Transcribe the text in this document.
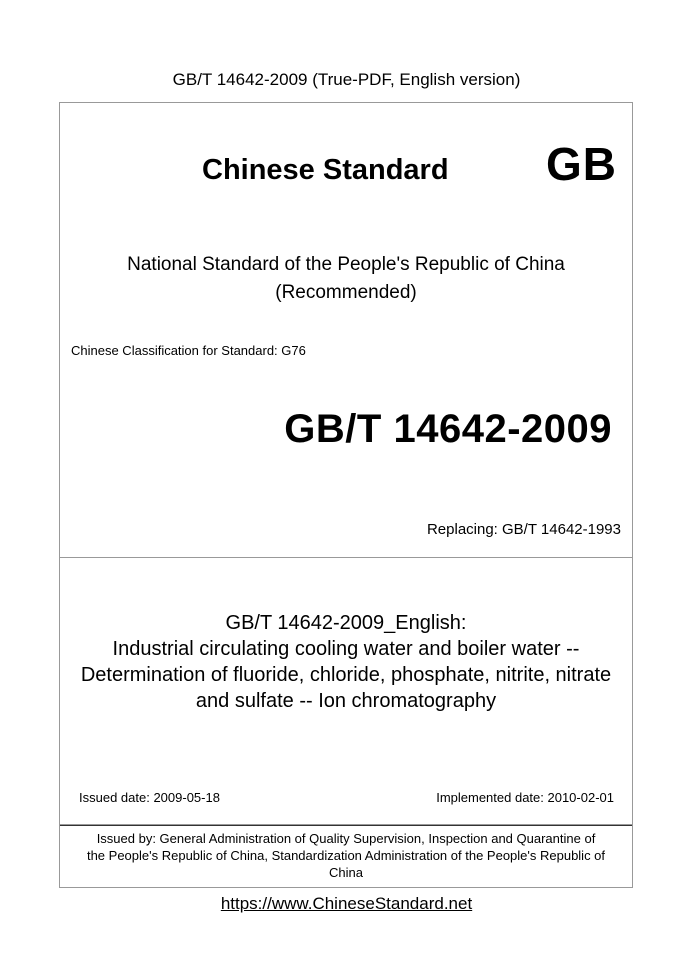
GB/T 14642-2009 (True-PDF, English version)
Chinese Standard GB
National Standard of the People's Republic of China
(Recommended)
Chinese Classification for Standard: G76
GB/T 14642-2009
Replacing: GB/T 14642-1993
GB/T 14642-2009_English:
Industrial circulating cooling water and boiler water --
Determination of fluoride, chloride, phosphate, nitrite, nitrate
and sulfate -- Ion chromatography
Issued date: 2009-05-18	Implemented date: 2010-02-01
Issued by: General Administration of Quality Supervision, Inspection and Quarantine of
the People's Republic of China, Standardization Administration of the People's Republic of
China
https://www.ChineseStandard.net
